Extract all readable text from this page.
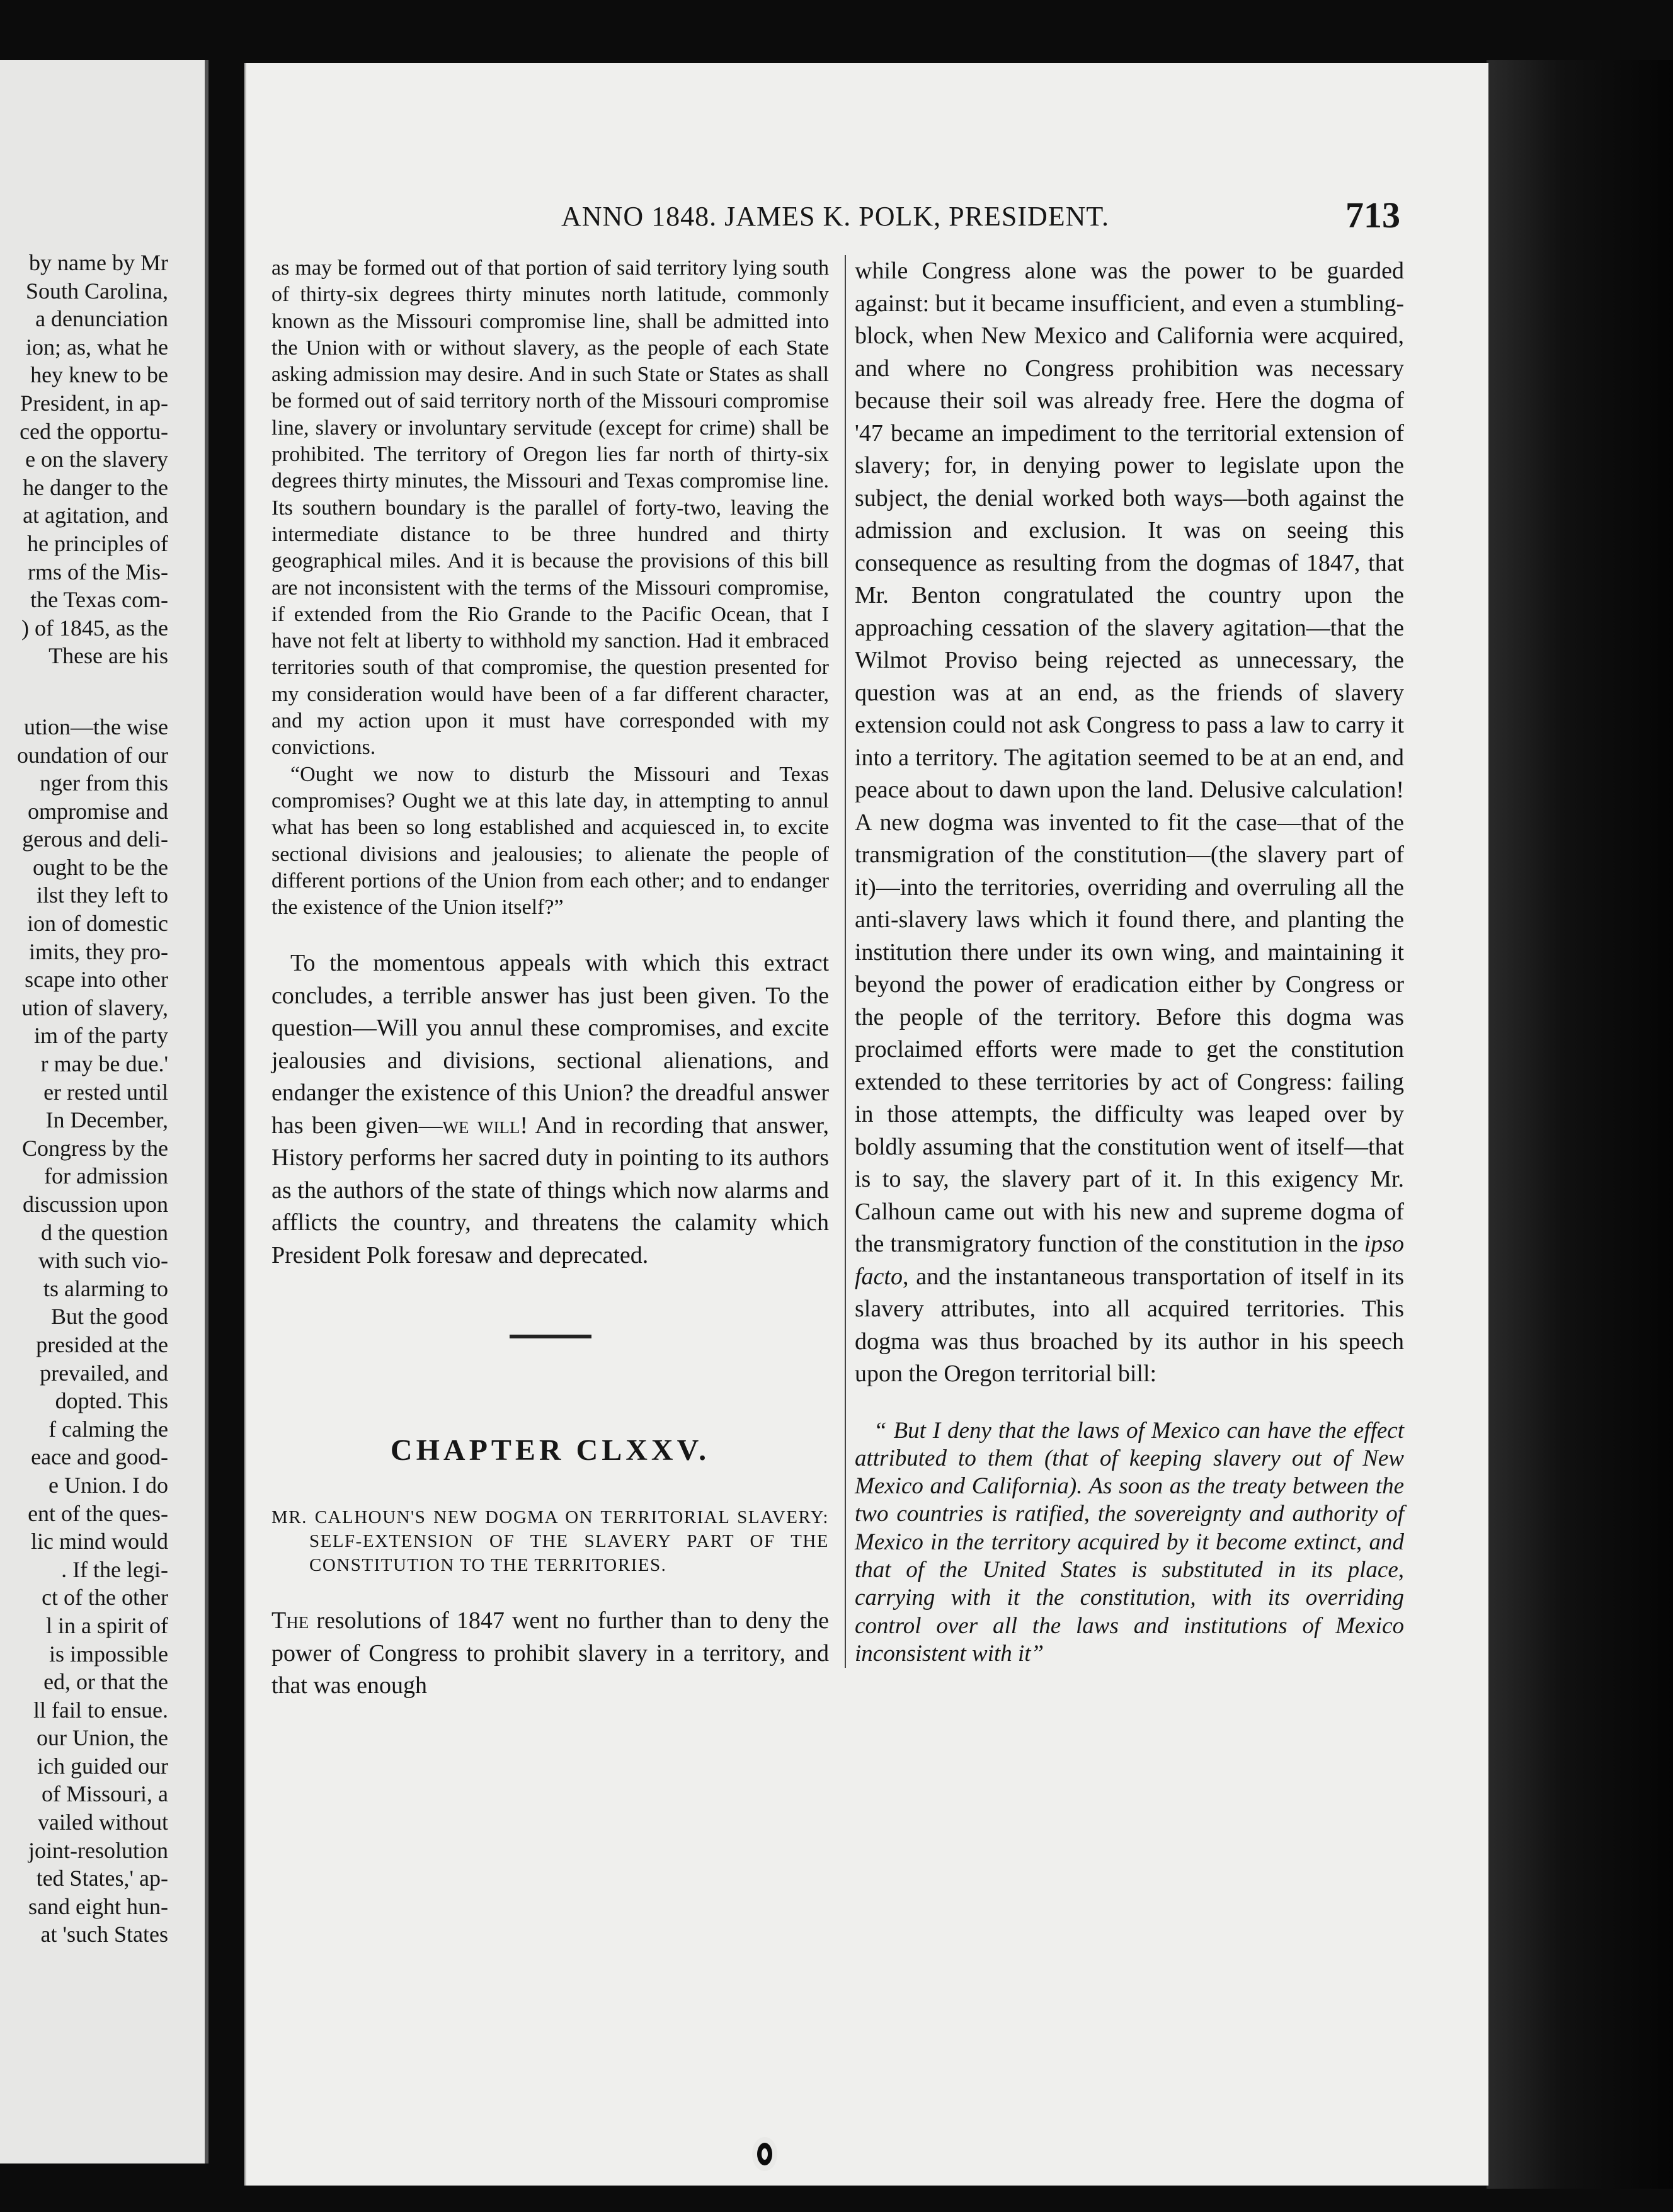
by name by Mr
South Carolina,
a denunciation
ion; as, what he
hey knew to be
President, in ap-
ced the opportu-
e on the slavery
he danger to the
at agitation, and
he principles of
rms of the Mis-
the Texas com-
) of 1845, as the
These are his
ution—the wise
oundation of our
nger from this
ompromise and
gerous and deli-
ought to be the
ilst they left to
ion of domestic
imits, they pro-
scape into other
ution of slavery,
im of the party
r may be due.'
er rested until
In December,
Congress by the
for admission
discussion upon
d the question
with such vio-
ts alarming to
But the good
presided at the
prevailed, and
dopted. This
f calming the
eace and good-
e Union. I do
ent of the ques-
lic mind would
. If the legi-
ct of the other
l in a spirit of
is impossible
ed, or that the
ll fail to ensue.
our Union, the
ich guided our
of Missouri, a
vailed without
joint-resolution
ted States,' ap-
sand eight hun-
at 'such States
ANNO 1848. JAMES K. POLK, PRESIDENT.	713

as may be formed out of that portion of said territory lying south of thirty-six degrees thirty minutes north latitude, commonly known as the Missouri compromise line, shall be admitted into the Union with or without slavery, as the people of each State asking admission may desire. And in such State or States as shall be formed out of said territory north of the Missouri compromise line, slavery or involuntary servitude (except for crime) shall be prohibited. The territory of Oregon lies far north of thirty-six degrees thirty minutes, the Missouri and Texas compromise line. Its southern boundary is the parallel of forty-two, leaving the intermediate distance to be three hundred and thirty geographical miles. And it is because the provisions of this bill are not inconsistent with the terms of the Missouri compromise, if extended from the Rio Grande to the Pacific Ocean, that I have not felt at liberty to withhold my sanction. Had it embraced territories south of that compromise, the question presented for my consideration would have been of a far different character, and my action upon it must have corresponded with my convictions.

“Ought we now to disturb the Missouri and Texas compromises? Ought we at this late day, in attempting to annul what has been so long established and acquiesced in, to excite sectional divisions and jealousies; to alienate the people of different portions of the Union from each other; and to endanger the existence of the Union itself?”

To the momentous appeals with which this extract concludes, a terrible answer has just been given. To the question—Will you annul these compromises, and excite jealousies and divisions, sectional alienations, and endanger the existence of this Union? the dreadful answer has been given—we will! And in recording that answer, History performs her sacred duty in pointing to its authors as the authors of the state of things which now alarms and afflicts the country, and threatens the calamity which President Polk foresaw and deprecated.

CHAPTER CLXXV.

MR. CALHOUN'S NEW DOGMA ON TERRITORIAL SLAVERY: SELF-EXTENSION OF THE SLAVERY PART OF THE CONSTITUTION TO THE TERRITORIES.

The resolutions of 1847 went no further than to deny the power of Congress to prohibit slavery in a territory, and that was enough

while Congress alone was the power to be guarded against: but it became insufficient, and even a stumbling-block, when New Mexico and California were acquired, and where no Congress prohibition was necessary because their soil was already free. Here the dogma of '47 became an impediment to the territorial extension of slavery; for, in denying power to legislate upon the subject, the denial worked both ways—both against the admission and exclusion. It was on seeing this consequence as resulting from the dogmas of 1847, that Mr. Benton congratulated the country upon the approaching cessation of the slavery agitation—that the Wilmot Proviso being rejected as unnecessary, the question was at an end, as the friends of slavery extension could not ask Congress to pass a law to carry it into a territory. The agitation seemed to be at an end, and peace about to dawn upon the land. Delusive calculation! A new dogma was invented to fit the case—that of the transmigration of the constitution—(the slavery part of it)—into the territories, overriding and overruling all the anti-slavery laws which it found there, and planting the institution there under its own wing, and maintaining it beyond the power of eradication either by Congress or the people of the territory. Before this dogma was proclaimed efforts were made to get the constitution extended to these territories by act of Congress: failing in those attempts, the difficulty was leaped over by boldly assuming that the constitution went of itself—that is to say, the slavery part of it. In this exigency Mr. Calhoun came out with his new and supreme dogma of the transmigratory function of the constitution in the ipso facto, and the instantaneous transportation of itself in its slavery attributes, into all acquired territories. This dogma was thus broached by its author in his speech upon the Oregon territorial bill:

“ But I deny that the laws of Mexico can have the effect attributed to them (that of keeping slavery out of New Mexico and California). As soon as the treaty between the two countries is ratified, the sovereignty and authority of Mexico in the territory acquired by it become extinct, and that of the United States is substituted in its place, carrying with it the constitution, with its overriding control over all the laws and institutions of Mexico inconsistent with it”
